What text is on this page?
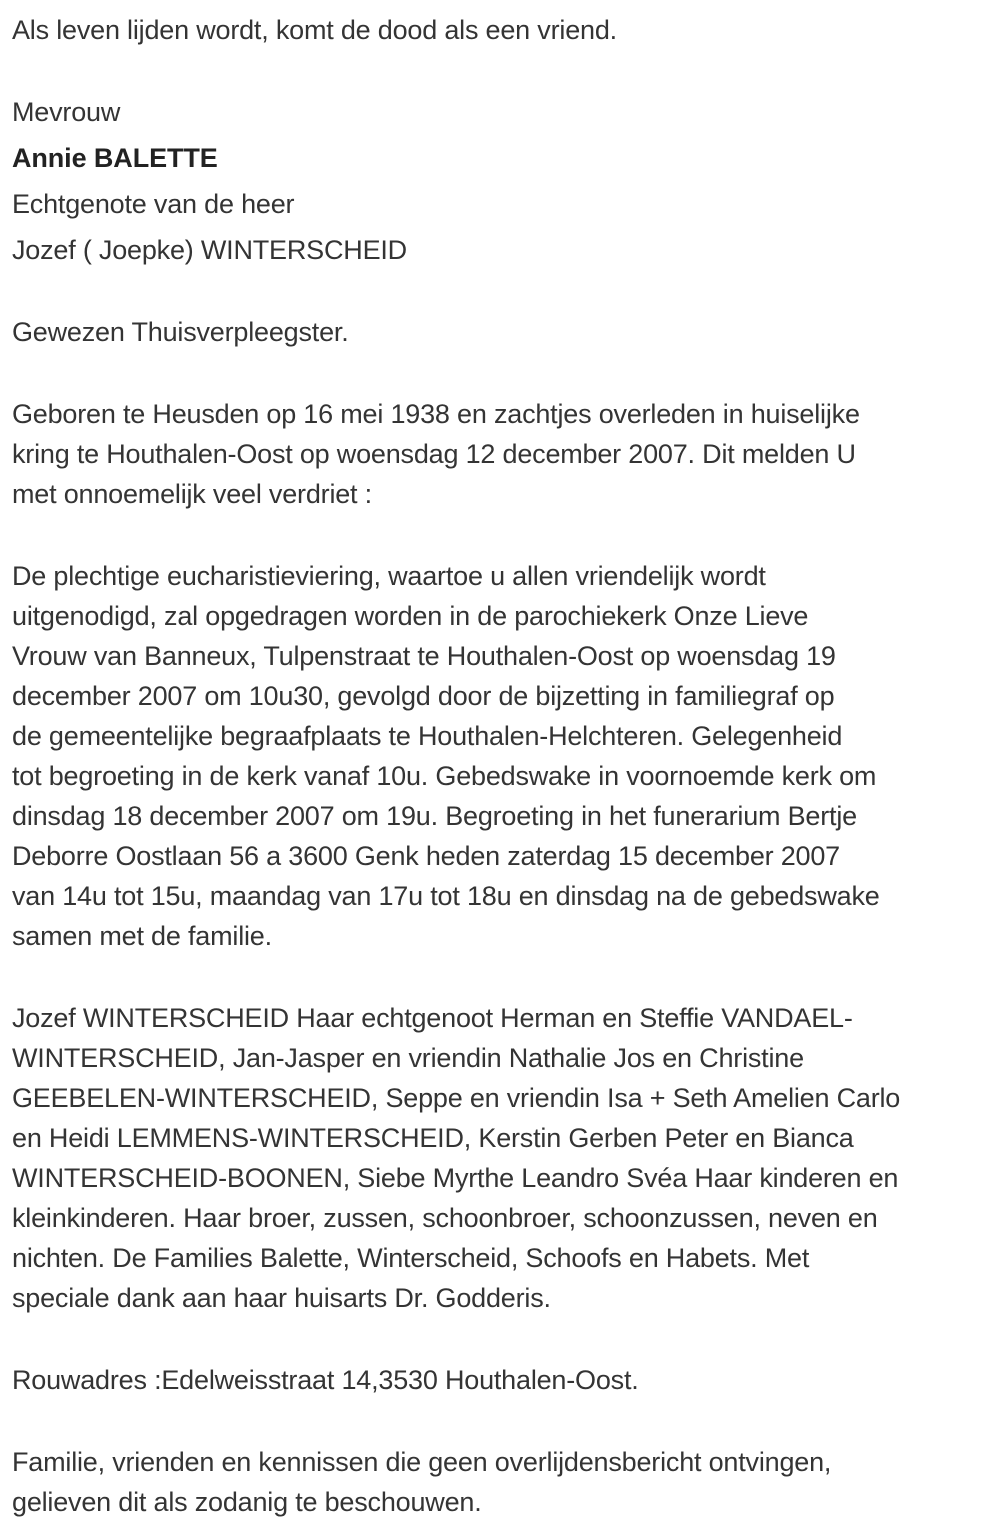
Als leven lijden wordt, komt de dood als een vriend.

Mevrouw

Annie BALETTE

Echtgenote van de heer

Jozef ( Joepke) WINTERSCHEID

Gewezen Thuisverpleegster.

Geboren te Heusden op 16 mei 1938 en zachtjes overleden in huiselijke
kring te Houthalen-Oost op woensdag 12 december 2007. Dit melden U
met onnoemelijk veel verdriet :

De plechtige eucharistieviering, waartoe u allen vriendelijk wordt
uitgenodigd, zal opgedragen worden in de parochiekerk Onze Lieve
Vrouw van Banneux, Tulpenstraat te Houthalen-Oost op woensdag 19
december 2007 om 10u30, gevolgd door de bijzetting in familiegraf op
de gemeentelijke begraafplaats te Houthalen-Helchteren. Gelegenheid
tot begroeting in de kerk vanaf 10u. Gebedswake in voornoemde kerk om
dinsdag 18 december 2007 om 19u. Begroeting in het funerarium Bertje
Deborre Oostlaan 56 a 3600 Genk heden zaterdag 15 december 2007
van 14u tot 15u, maandag van 17u tot 18u en dinsdag na de gebedswake
samen met de familie.

Jozef WINTERSCHEID Haar echtgenoot Herman en Steffie VANDAEL-
WINTERSCHEID, Jan-Jasper en vriendin Nathalie Jos en Christine
GEEBELEN-WINTERSCHEID, Seppe en vriendin Isa + Seth Amelien Carlo
en Heidi LEMMENS-WINTERSCHEID, Kerstin Gerben Peter en Bianca
WINTERSCHEID-BOONEN, Siebe Myrthe Leandro Svéa Haar kinderen en
kleinkinderen. Haar broer, zussen, schoonbroer, schoonzussen, neven en
nichten. De Families Balette, Winterscheid, Schoofs en Habets. Met
speciale dank aan haar huisarts Dr. Godderis.

Rouwadres :Edelweisstraat 14,3530 Houthalen-Oost.

Familie, vrienden en kennissen die geen overlijdensbericht ontvingen,
gelieven dit als zodanig te beschouwen.
